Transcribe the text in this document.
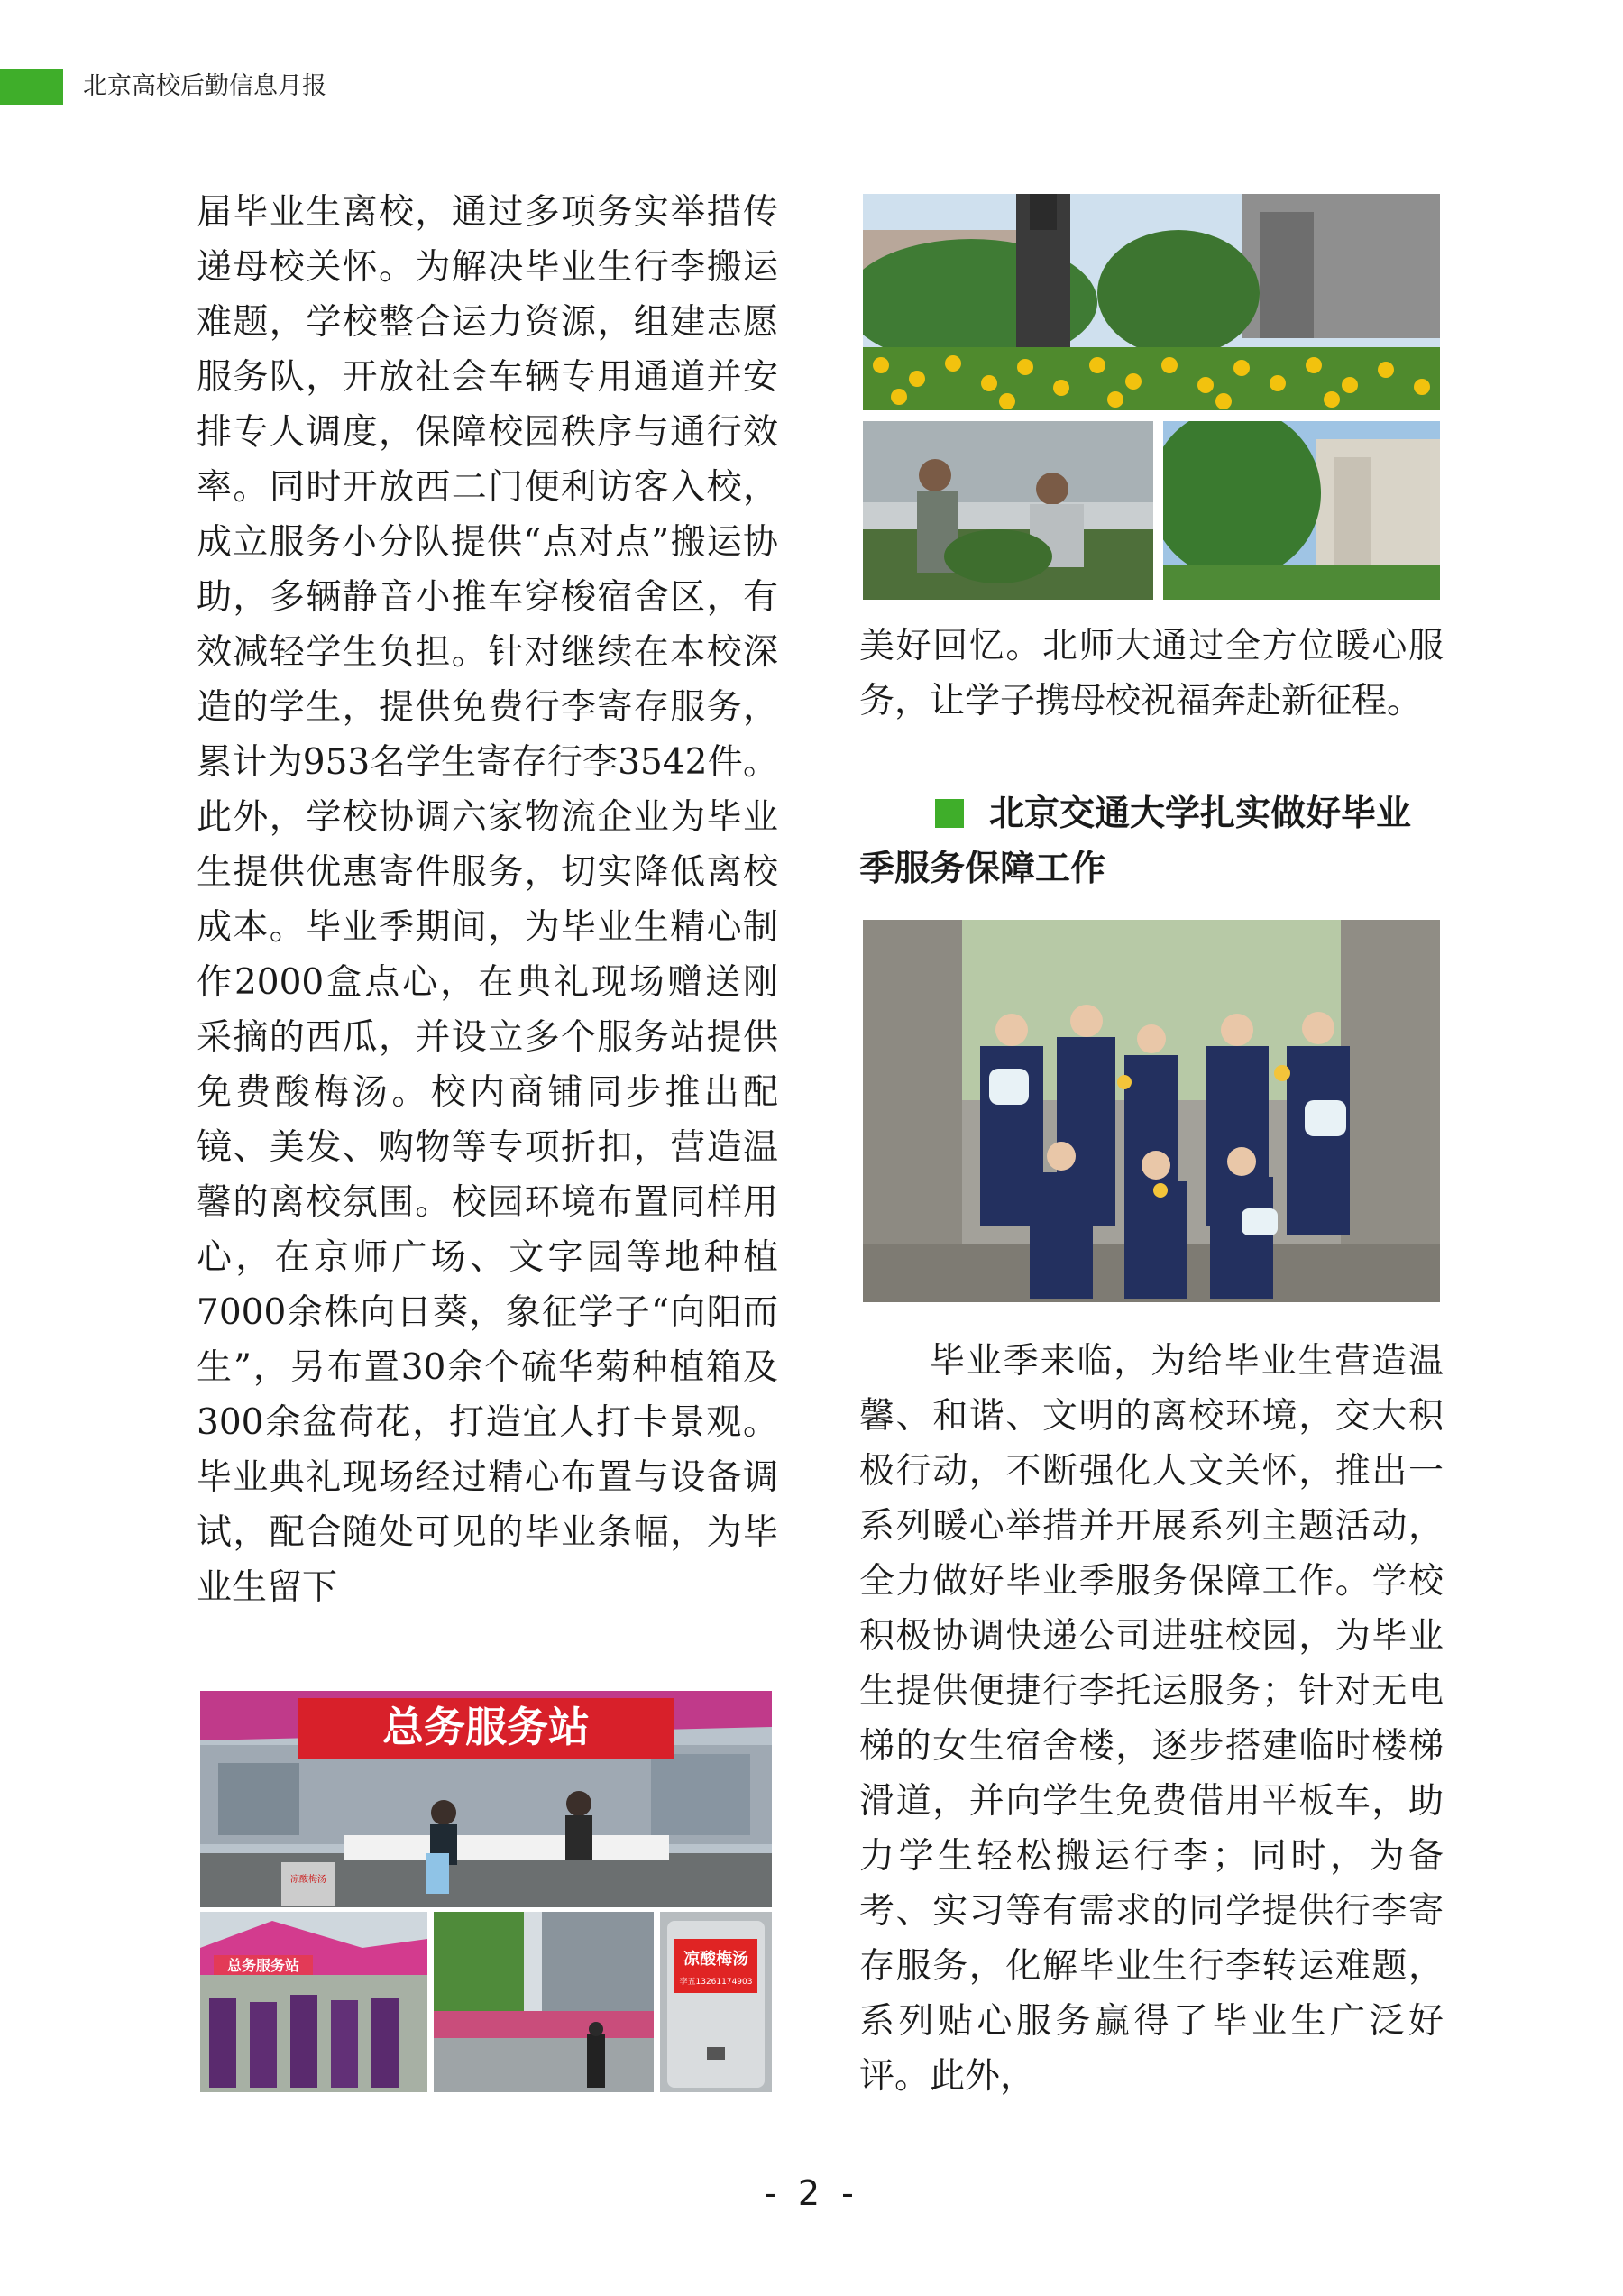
北京高校后勤信息月报

届毕业生离校，通过多项务实举措传递母校关怀。为解决毕业生行李搬运难题，学校整合运力资源，组建志愿服务队，开放社会车辆专用通道并安排专人调度，保障校园秩序与通行效率。同时开放西二门便利访客入校，成立服务小分队提供“点对点”搬运协助，多辆静音小推车穿梭宿舍区，有效减轻学生负担。针对继续在本校深造的学生，提供免费行李寄存服务，累计为953名学生寄存行李3542件。此外，学校协调六家物流企业为毕业生提供优惠寄件服务，切实降低离校成本。毕业季期间，为毕业生精心制作2000盒点心，在典礼现场赠送刚采摘的西瓜，并设立多个服务站提供免费酸梅汤。校内商铺同步推出配镜、美发、购物等专项折扣，营造温馨的离校氛围。校园环境布置同样用心，在京师广场、文字园等地种植7000余株向日葵，象征学子“向阳而生”，另布置30余个硫华菊种植箱及300余盆荷花，打造宜人打卡景观。毕业典礼现场经过精心布置与设备调试，配合随处可见的毕业条幅，为毕业生留下

总务服务站
凉酸梅汤
总务服务站	凉酸梅汤
李五13261174903

美好回忆。北师大通过全方位暖心服务，让学子携母校祝福奔赴新征程。

北京交通大学扎实做好毕业季服务保障工作

毕业季来临，为给毕业生营造温馨、和谐、文明的离校环境，交大积极行动，不断强化人文关怀，推出一系列暖心举措并开展系列主题活动，全力做好毕业季服务保障工作。学校积极协调快递公司进驻校园，为毕业生提供便捷行李托运服务；针对无电梯的女生宿舍楼，逐步搭建临时楼梯滑道，并向学生免费借用平板车，助力学生轻松搬运行李；同时，为备考、实习等有需求的同学提供行李寄存服务，化解毕业生行李转运难题，系列贴心服务赢得了毕业生广泛好评。此外，

- 2 -
